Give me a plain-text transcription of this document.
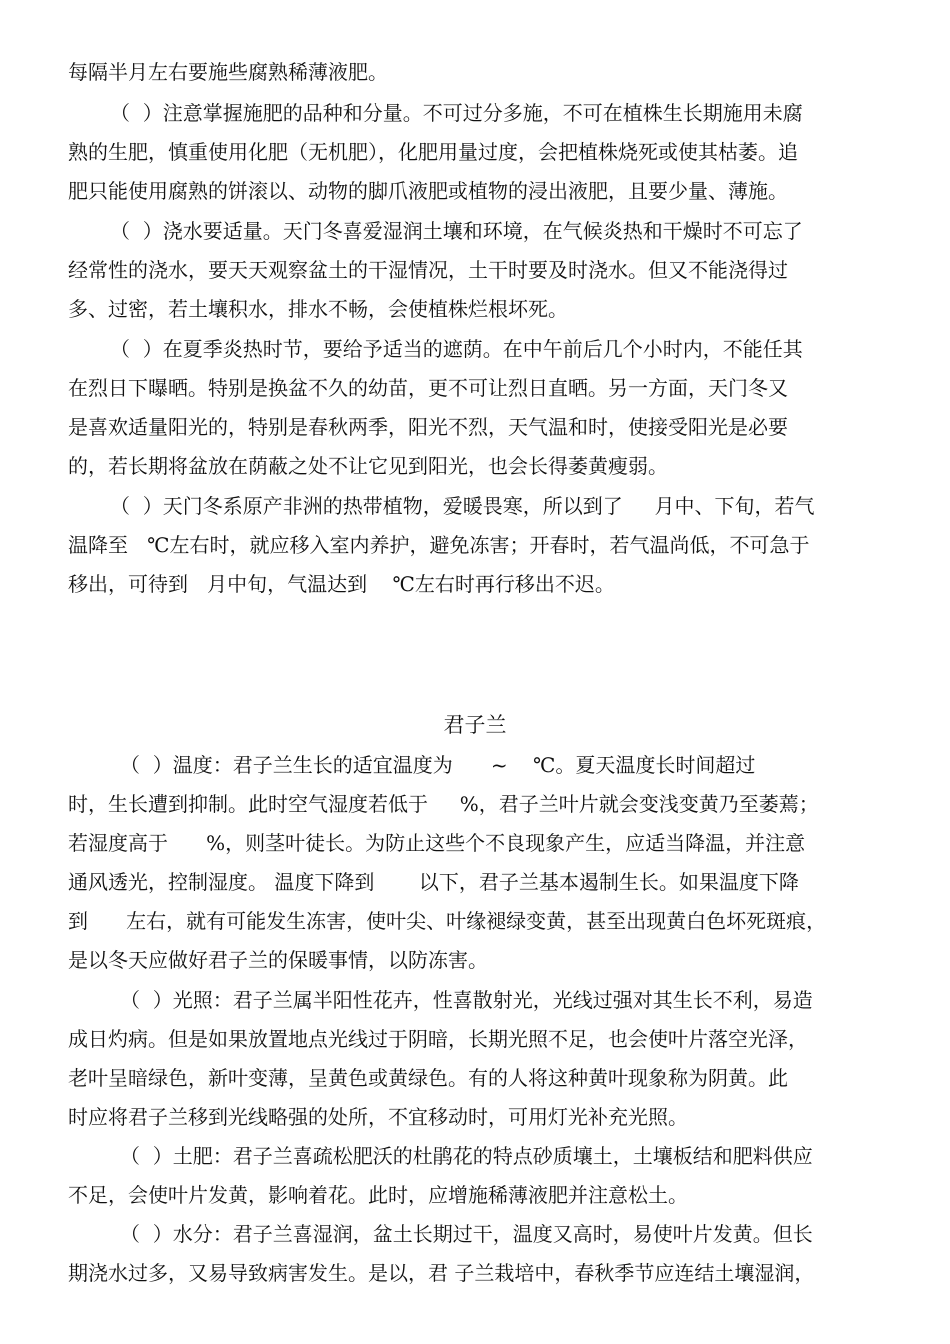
每隔半月左右要施些腐熟稀薄液肥。
（  ）注意掌握施肥的品种和分量。不可过分多施，不可在植株生长期施用未腐
熟的生肥，慎重使用化肥（无机肥），化肥用量过度，会把植株烧死或使其枯萎。追
肥只能使用腐熟的饼滚以、动物的脚爪液肥或植物的浸出液肥，且要少量、薄施。
（  ）浇水要适量。天门冬喜爱湿润土壤和环境，在气候炎热和干燥时不可忘了
经常性的浇水，要天天观察盆土的干湿情况，土干时要及时浇水。但又不能浇得过
多、过密，若土壤积水，排水不畅，会使植株烂根坏死。
（  ）在夏季炎热时节，要给予适当的遮荫。在中午前后几个小时内，不能任其
在烈日下曝晒。特别是换盆不久的幼苗，更不可让烈日直晒。另一方面，天门冬又
是喜欢适量阳光的，特别是春秋两季，阳光不烈，天气温和时，使接受阳光是必要
的，若长期将盆放在荫蔽之处不让它见到阳光，也会长得萎黄瘦弱。
（  ）天门冬系原产非洲的热带植物，爱暖畏寒，所以到了     月中、下旬，若气
温降至   ℃左右时，就应移入室内养护，避免冻害；开春时，若气温尚低，不可急于
移出，可待到   月中旬，气温达到    ℃左右时再行移出不迟。
君子兰
（  ）温度：君子兰生长的适宜温度为      ~    ℃。夏天温度长时间超过
时，生长遭到抑制。此时空气湿度若低于     %，君子兰叶片就会变浅变黄乃至萎蔫；
若湿度高于      %，则茎叶徒长。为防止这些个不良现象产生，应适当降温，并注意
通风透光，控制湿度。 温度下降到       以下，君子兰基本遏制生长。如果温度下降
到      左右，就有可能发生冻害，使叶尖、叶缘褪绿变黄，甚至出现黄白色坏死斑痕，
是以冬天应做好君子兰的保暖事情，以防冻害。
（  ）光照：君子兰属半阳性花卉，性喜散射光，光线过强对其生长不利，易造
成日灼病。但是如果放置地点光线过于阴暗，长期光照不足，也会使叶片落空光泽，
老叶呈暗绿色，新叶变薄，呈黄色或黄绿色。有的人将这种黄叶现象称为阴黄。此
时应将君子兰移到光线略强的处所，不宜移动时，可用灯光补充光照。
（  ）土肥：君子兰喜疏松肥沃的杜鹃花的特点砂质壤土，土壤板结和肥料供应
不足，会使叶片发黄，影响着花。此时，应增施稀薄液肥并注意松土。
（  ）水分：君子兰喜湿润，盆土长期过干，温度又高时，易使叶片发黄。但长
期浇水过多，又易导致病害发生。是以，君 子兰栽培中，春秋季节应连结土壤湿润，
